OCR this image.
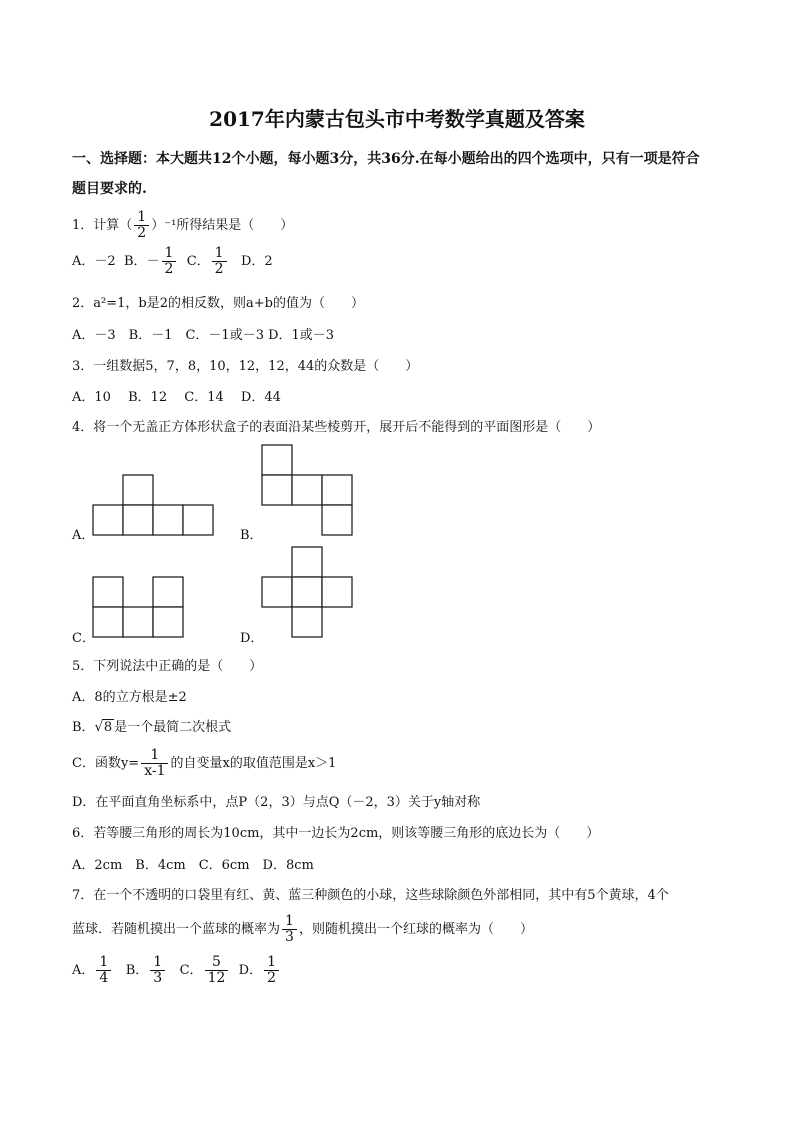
2017年内蒙古包头市中考数学真题及答案
一、选择题：本大题共12个小题，每小题3分，共36分.在每小题给出的四个选项中，只有一项是符合
题目要求的.
1．计算（ $\frac{1}{2} )^{-1}$所得结果是（　　）
A．－2 B．－ $\frac{1}{2}$ C． $\frac{1}{2}$ D．2
2．a²=1，b是2的相反数，则a+b的值为（　　）
A．－3　B．－1　C．－1或－3 D．1或－3
3．一组数据5，7，8，10，12，12，44的众数是（　　）
A．10　 B．12　 C．14　 D．44
4．将一个无盖正方体形状盒子的表面沿某些棱剪开，展开后不能得到的平面图形是（　　）
A．	B．
C．	D．
5．下列说法中正确的是（　　）
A．8的立方根是±2
B．√8 是一个最简二次根式
C．函数$y= \frac{1}{x-1}$ 的自变量x的取值范围是x＞1
D．在平面直角坐标系中，点P（2，3）与点Q（－2，3）关于y轴对称
6．若等腰三角形的周长为10cm，其中一边长为2cm，则该等腰三角形的底边长为（　　）
A．2cm　B．4cm　C．6cm　D．8cm
7．在一个不透明的口袋里有红、黄、蓝三种颜色的小球，这些球除颜色外部相同，其中有5个黄球，4个
蓝球．若随机摸出一个蓝球的概率为 $\frac{1}{3}$ ，则随机摸出一个红球的概率为（　　）
A． $\frac{1}{4}$ B． $\frac{1}{3}$ C． $\frac{5}{12}$ D． $\frac{1}{2}$
